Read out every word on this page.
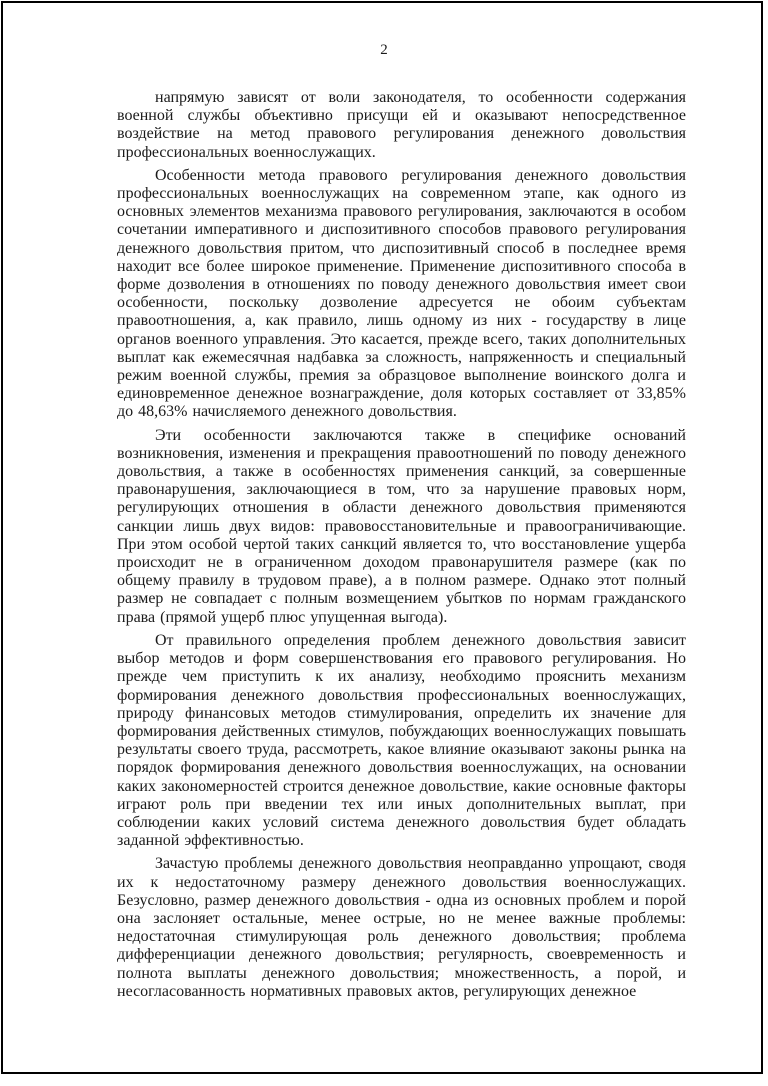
2

напрямую зависят от воли законодателя, то особенности содержания военной службы объективно присущи ей и оказывают непосредственное воздействие на метод правового регулирования денежного довольствия профессиональных военнослужащих.

Особенности метода правового регулирования денежного довольствия профессиональных военнослужащих на современном этапе, как одного из основных элементов механизма правового регулирования, заключаются в особом сочетании императивного и диспозитивного способов правового регулирования денежного довольствия притом, что диспозитивный способ в последнее время находит все более широкое применение. Применение диспозитивного способа в форме дозволения в отношениях по поводу денежного довольствия имеет свои особенности, поскольку дозволение адресуется не обоим субъектам правоотношения, а, как правило, лишь одному из них - государству в лице органов военного управления. Это касается, прежде всего, таких дополнительных выплат как ежемесячная надбавка за сложность, напряженность и специальный режим военной службы, премия за образцовое выполнение воинского долга и единовременное денежное вознаграждение, доля которых составляет от 33,85% до 48,63% начисляемого денежного довольствия.

Эти особенности заключаются также в специфике оснований возникновения, изменения и прекращения правоотношений по поводу денежного довольствия, а также в особенностях применения санкций, за совершенные правонарушения, заключающиеся в том, что за нарушение правовых норм, регулирующих отношения в области денежного довольствия применяются санкции лишь двух видов: правовосстановительные и правоограничивающие. При этом особой чертой таких санкций является то, что восстановление ущерба происходит не в ограниченном доходом правонарушителя размере (как по общему правилу в трудовом праве), а в полном размере. Однако этот полный размер не совпадает с полным возмещением убытков по нормам гражданского права (прямой ущерб плюс упущенная выгода).

От правильного определения проблем денежного довольствия зависит выбор методов и форм совершенствования его правового регулирования. Но прежде чем приступить к их анализу, необходимо прояснить механизм формирования денежного довольствия профессиональных военнослужащих, природу финансовых методов стимулирования, определить их значение для формирования действенных стимулов, побуждающих военнослужащих повышать результаты своего труда, рассмотреть, какое влияние оказывают законы рынка на порядок формирования денежного довольствия военнослужащих, на основании каких закономерностей строится денежное довольствие, какие основные факторы играют роль при введении тех или иных дополнительных выплат, при соблюдении каких условий система денежного довольствия будет обладать заданной эффективностью.

Зачастую проблемы денежного довольствия неоправданно упрощают, сводя их к недостаточному размеру денежного довольствия военнослужащих. Безусловно, размер денежного довольствия - одна из основных проблем и порой она заслоняет остальные, менее острые, но не менее важные проблемы: недостаточная стимулирующая роль денежного довольствия; проблема дифференциации денежного довольствия; регулярность, своевременность и полнота выплаты денежного довольствия; множественность, а порой, и несогласованность нормативных правовых актов, регулирующих денежное
